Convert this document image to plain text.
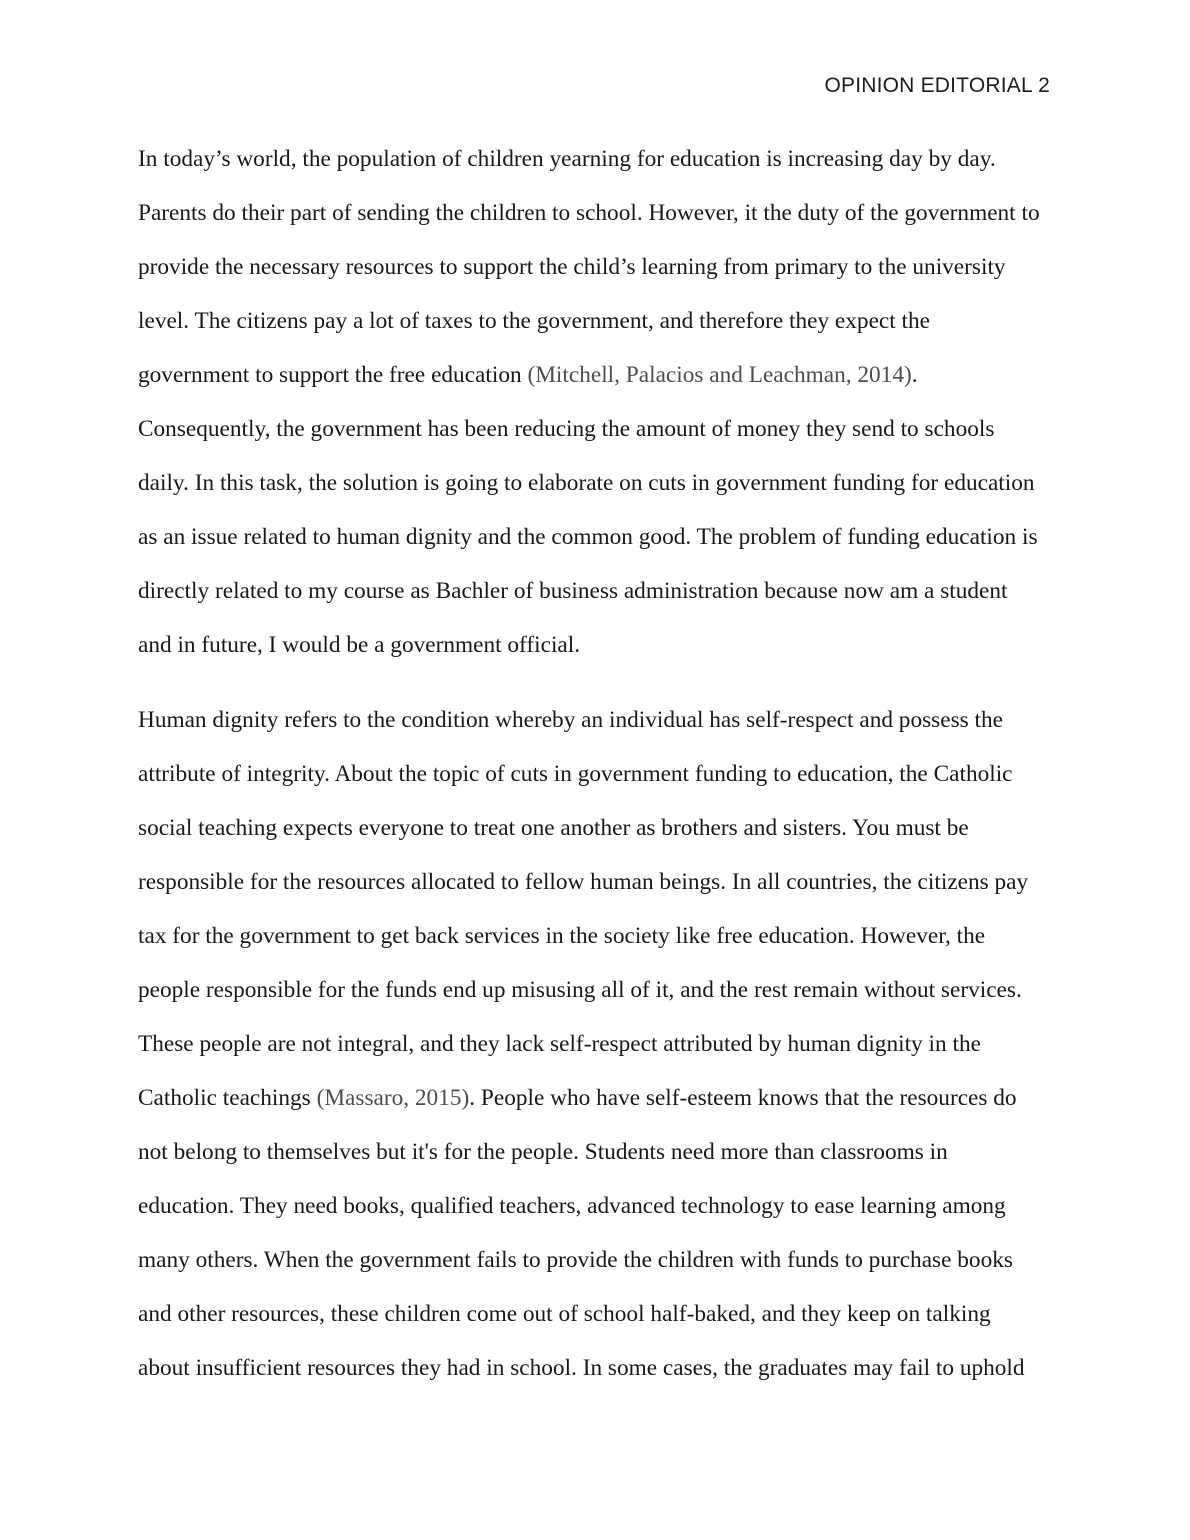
OPINION EDITORIAL 2
In today’s world, the population of children yearning for education is increasing day by day.
Parents do their part of sending the children to school. However, it the duty of the government to
provide the necessary resources to support the child’s learning from primary to the university
level. The citizens pay a lot of taxes to the government, and therefore they expect the
government to support the free education (Mitchell, Palacios and Leachman, 2014).
Consequently, the government has been reducing the amount of money they send to schools
daily. In this task, the solution is going to elaborate on cuts in government funding for education
as an issue related to human dignity and the common good. The problem of funding education is
directly related to my course as Bachler of business administration because now am a student
and in future, I would be a government official.
Human dignity refers to the condition whereby an individual has self-respect and possess the
attribute of integrity. About the topic of cuts in government funding to education, the Catholic
social teaching expects everyone to treat one another as brothers and sisters. You must be
responsible for the resources allocated to fellow human beings. In all countries, the citizens pay
tax for the government to get back services in the society like free education. However, the
people responsible for the funds end up misusing all of it, and the rest remain without services.
These people are not integral, and they lack self-respect attributed by human dignity in the
Catholic teachings (Massaro, 2015). People who have self-esteem knows that the resources do
not belong to themselves but it's for the people. Students need more than classrooms in
education. They need books, qualified teachers, advanced technology to ease learning among
many others. When the government fails to provide the children with funds to purchase books
and other resources, these children come out of school half-baked, and they keep on talking
about insufficient resources they had in school. In some cases, the graduates may fail to uphold
